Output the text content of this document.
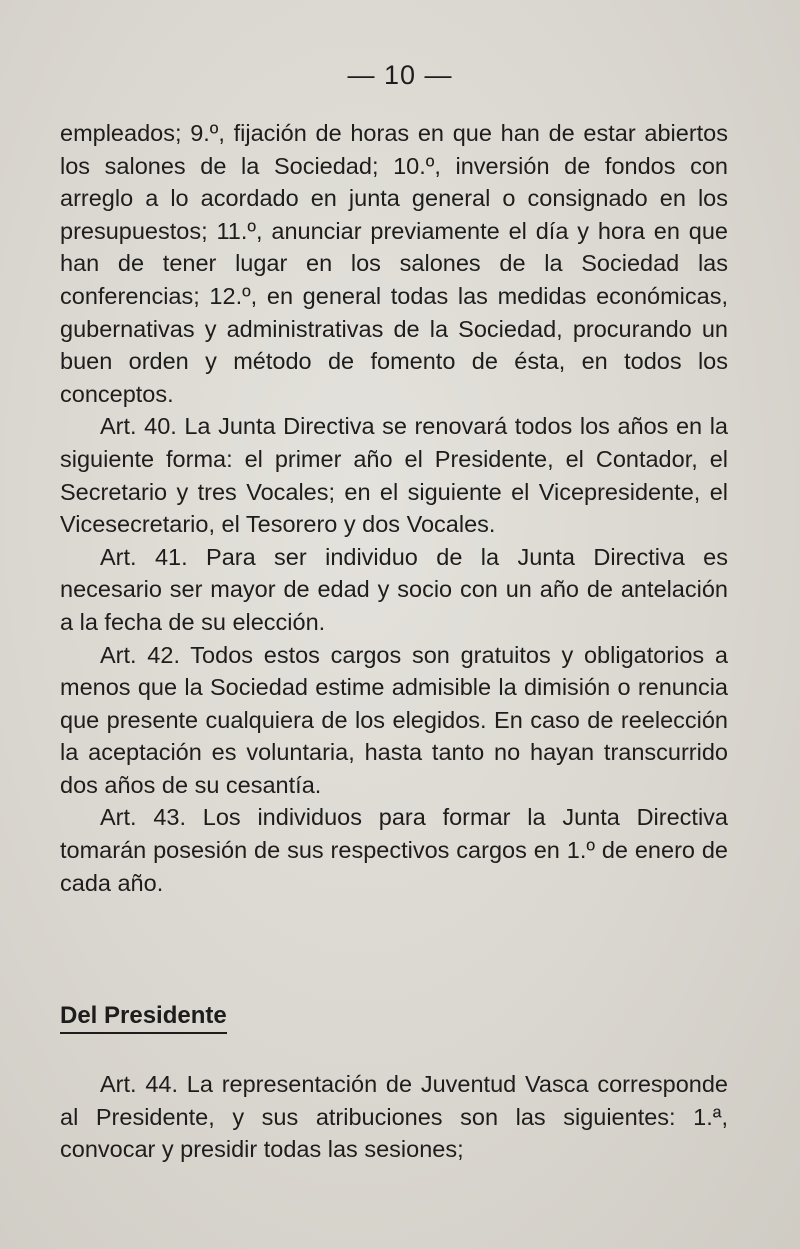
— 10 —

empleados; 9.º, fijación de horas en que han de estar abiertos los salones de la Sociedad; 10.º, inversión de fondos con arreglo a lo acordado en junta general o consignado en los presupuestos; 11.º, anunciar previamente el día y hora en que han de tener lugar en los salones de la Sociedad las conferencias; 12.º, en general todas las medidas económicas, gubernativas y administrativas de la Sociedad, procurando un buen orden y método de fomento de ésta, en todos los conceptos.

Art. 40. La Junta Directiva se renovará todos los años en la siguiente forma: el primer año el Presidente, el Contador, el Secretario y tres Vocales; en el siguiente el Vicepresidente, el Vicesecretario, el Tesorero y dos Vocales.

Art. 41. Para ser individuo de la Junta Directiva es necesario ser mayor de edad y socio con un año de antelación a la fecha de su elección.

Art. 42. Todos estos cargos son gratuitos y obligatorios a menos que la Sociedad estime admisible la dimisión o renuncia que presente cualquiera de los elegidos. En caso de reelección la aceptación es voluntaria, hasta tanto no hayan transcurrido dos años de su cesantía.

Art. 43. Los individuos para formar la Junta Directiva tomarán posesión de sus respectivos cargos en 1.º de enero de cada año.

Del Presidente

Art. 44. La representación de Juventud Vasca corresponde al Presidente, y sus atribuciones son las siguientes: 1.ª, convocar y presidir todas las sesiones;
